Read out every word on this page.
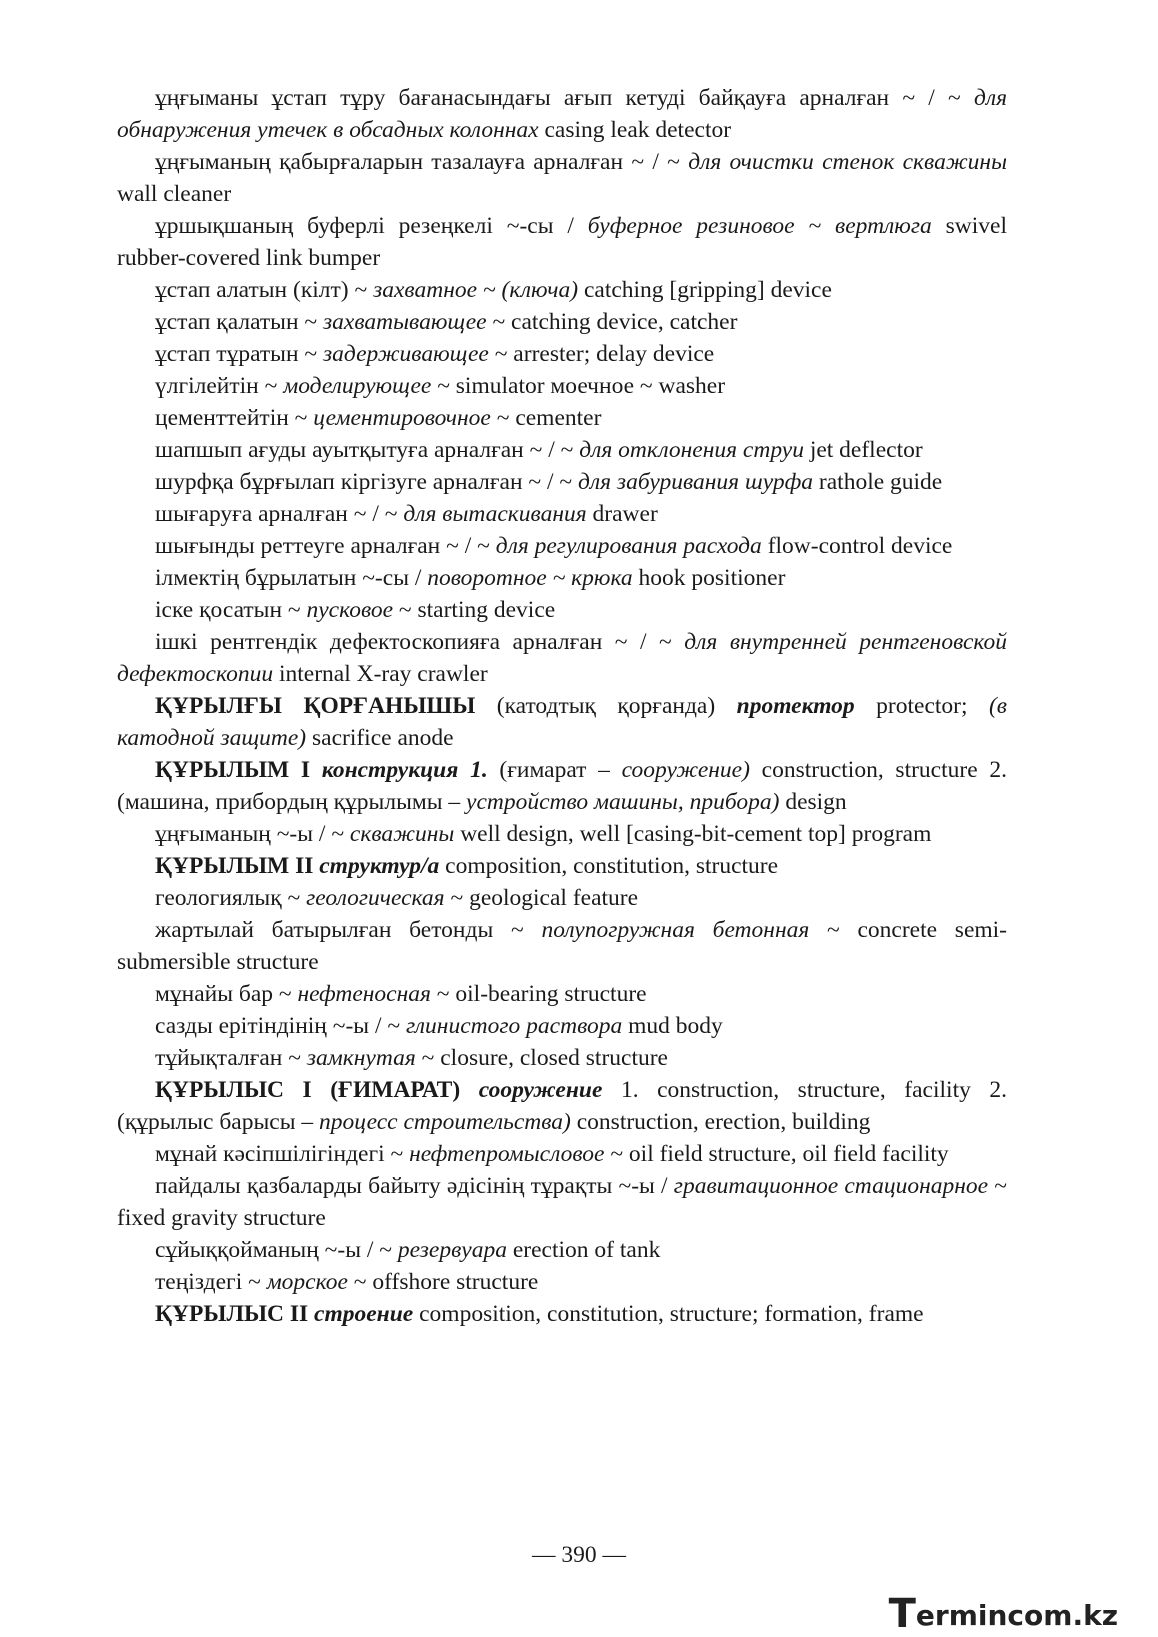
ұңғыманы ұстап тұру бағанасындағы ағып кетуді байқауға арналған ~ / ~ для обнаружения утечек в обсадных колоннах casing leak detector

ұңғыманың қабырғаларын тазалауға арналған ~ / ~ для очистки стенок скважины wall cleaner

ұршықшаның буферлі резеңкелі ~-сы / буферное резиновое ~ вертлюга swivel rubber-covered link bumper

ұстап алатын (кілт) ~ захватное ~ (ключа) catching [gripping] device

ұстап қалатын ~ захватывающее ~ catching device, catcher

ұстап тұратын ~ задерживающее ~ arrester; delay device

үлгілейтін ~ моделирующее ~ simulator моечное ~ washer

цементтейтін ~ цементировочное ~ cementer

шапшып ағуды ауытқытуға арналған ~ / ~ для отклонения струи jet deflector

шурфқа бұрғылап кіргізуге арналған ~ / ~ для забуривания шурфа rathole guide

шығаруға арналған ~ / ~ для вытаскивания drawer

шығынды реттеуге арналған ~ / ~ для регулирования расхода flow-control device

ілмектің бұрылатын ~-сы / поворотное ~ крюка hook positioner

іске қосатын ~ пусковое ~ starting device

ішкі рентгендік дефектоскопияға арналған ~ / ~ для внутренней рентгеновской дефектоскопии internal X-ray crawler

ҚҰРЫЛҒЫ ҚОРҒАНЫШЫ (катодтық қорғанда) протектор protector; (в катодной защите) sacrifice anode

ҚҰРЫЛЫМ I конструкция 1. (ғимарат – сооружение) construction, structure 2. (машина, прибордың құрылымы – устройство машины, прибора) design

ұңғыманың ~-ы / ~ скважины well design, well [casing-bit-cement top] program

ҚҰРЫЛЫМ II структур/а composition, constitution, structure

геологиялық ~ геологическая ~ geological feature

жартылай батырылған бетонды ~ полупогружная бетонная ~ concrete semi-submersible structure

мұнайы бар ~ нефтеносная ~ oil-bearing structure

сазды ерітіндінің ~-ы / ~ глинистого раствора mud body

тұйықталған ~ замкнутая ~ closure, closed structure

ҚҰРЫЛЫС I (ҒИМАРАТ) сооружение 1. construction, structure, facility 2. (құрылыс барысы – процесс строительства) construction, erection, building

мұнай кәсіпшілігіндегі ~ нефтепромысловое ~ oil field structure, oil field facility

пайдалы қазбаларды байыту әдісінің тұрақты ~-ы / гравитационное стационарное ~ fixed gravity structure

сұйыққойманың ~-ы / ~ резервуара erection of tank

теңіздегі ~ морское ~ offshore structure

ҚҰРЫЛЫС II строение composition, constitution, structure; formation, frame

— 390 —
T ermincom.kz
